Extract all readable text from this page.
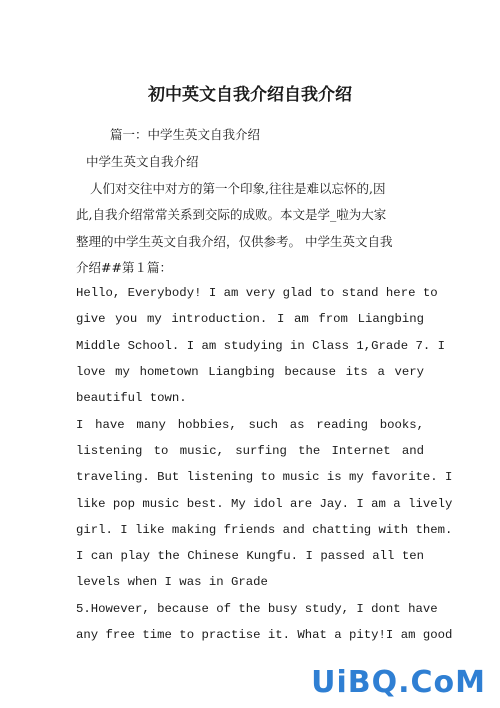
初中英文自我介绍自我介绍
篇一：中学生英文自我介绍
中学生英文自我介绍
人们对交往中对方的第一个印象,往往是难以忘怀的,因
此,自我介绍常常关系到交际的成败。本文是学_啦为大家
整理的中学生英文自我介绍，仅供参考。 中学生英文自我
介绍##第１篇：
Hello, Everybody! I am very glad to stand here to
give you my introduction. I am from Liangbing
Middle School. I am studying in Class 1,Grade 7. I
love my hometown Liangbing because its a very
beautiful town.
I have many hobbies, such as reading books,
listening to music, surfing the Internet and
traveling. But listening to music is my favorite. I
like pop music best. My idol are Jay. I am a lively
girl. I like making friends and chatting with them.
I can play the Chinese Kungfu. I passed all ten
levels when I was in Grade
5.However, because of the busy study, I dont have
any free time to practise it. What a pity!I am good
UiBQ.CoM
